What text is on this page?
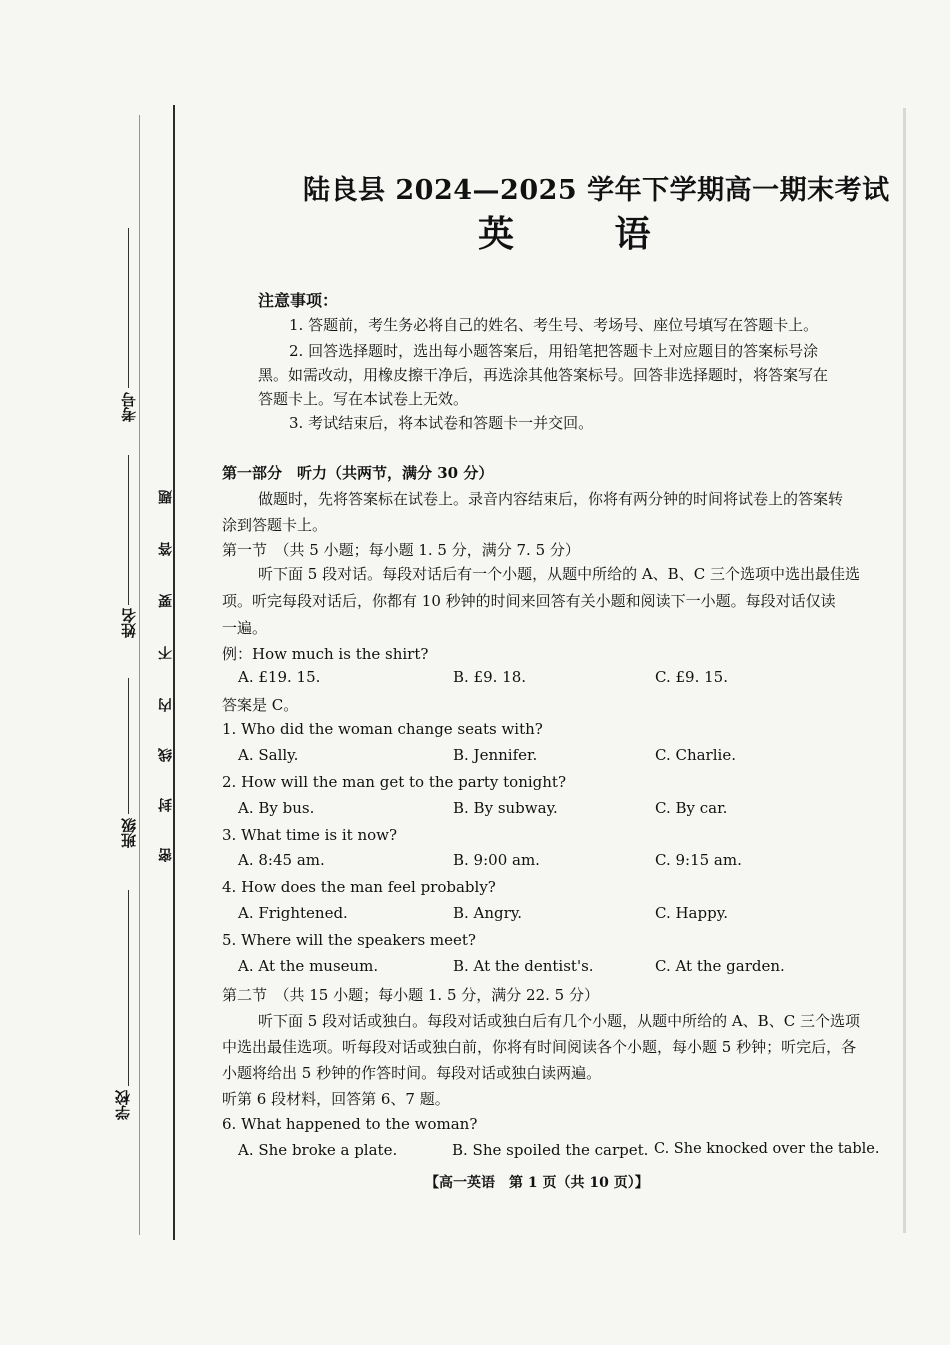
考号
姓名
班级
学校
题
答
要
不
内
线
封
密
陆良县 2024—2025 学年下学期高一期末考试
英 语
注意事项：
1. 答题前，考生务必将自己的姓名、考生号、考场号、座位号填写在答题卡上。
2. 回答选择题时，选出每小题答案后，用铅笔把答题卡上对应题目的答案标号涂
黑。如需改动，用橡皮擦干净后，再选涂其他答案标号。回答非选择题时，将答案写在
答题卡上。写在本试卷上无效。
3. 考试结束后，将本试卷和答题卡一并交回。
第一部分　听力（共两节，满分 30 分）
做题时，先将答案标在试卷上。录音内容结束后，你将有两分钟的时间将试卷上的答案转
涂到答题卡上。
第一节　（共 5 小题；每小题 1. 5 分，满分 7. 5 分）
听下面 5 段对话。每段对话后有一个小题，从题中所给的 A、B、C 三个选项中选出最佳选
项。听完每段对话后，你都有 10 秒钟的时间来回答有关小题和阅读下一小题。每段对话仅读
一遍。
例：How much is the shirt?
A. £19. 15.	B. £9. 18.	C. £9. 15.
答案是 C。
1. Who did the woman change seats with?
A. Sally.	B. Jennifer.	C. Charlie.
2. How will the man get to the party tonight?
A. By bus.	B. By subway.	C. By car.
3. What time is it now?
A. 8:45 am.	B. 9:00 am.	C. 9:15 am.
4. How does the man feel probably?
A. Frightened.	B. Angry.	C. Happy.
5. Where will the speakers meet?
A. At the museum.	B. At the dentist's.	C. At the garden.
第二节　（共 15 小题；每小题 1. 5 分，满分 22. 5 分）
听下面 5 段对话或独白。每段对话或独白后有几个小题，从题中所给的 A、B、C 三个选项
中选出最佳选项。听每段对话或独白前，你将有时间阅读各个小题，每小题 5 秒钟；听完后，各
小题将给出 5 秒钟的作答时间。每段对话或独白读两遍。
听第 6 段材料，回答第 6、7 题。
6. What happened to the woman?
A. She broke a plate.	B. She spoiled the carpet. C. She knocked over the table.
【高一英语　第 1 页（共 10 页）】
